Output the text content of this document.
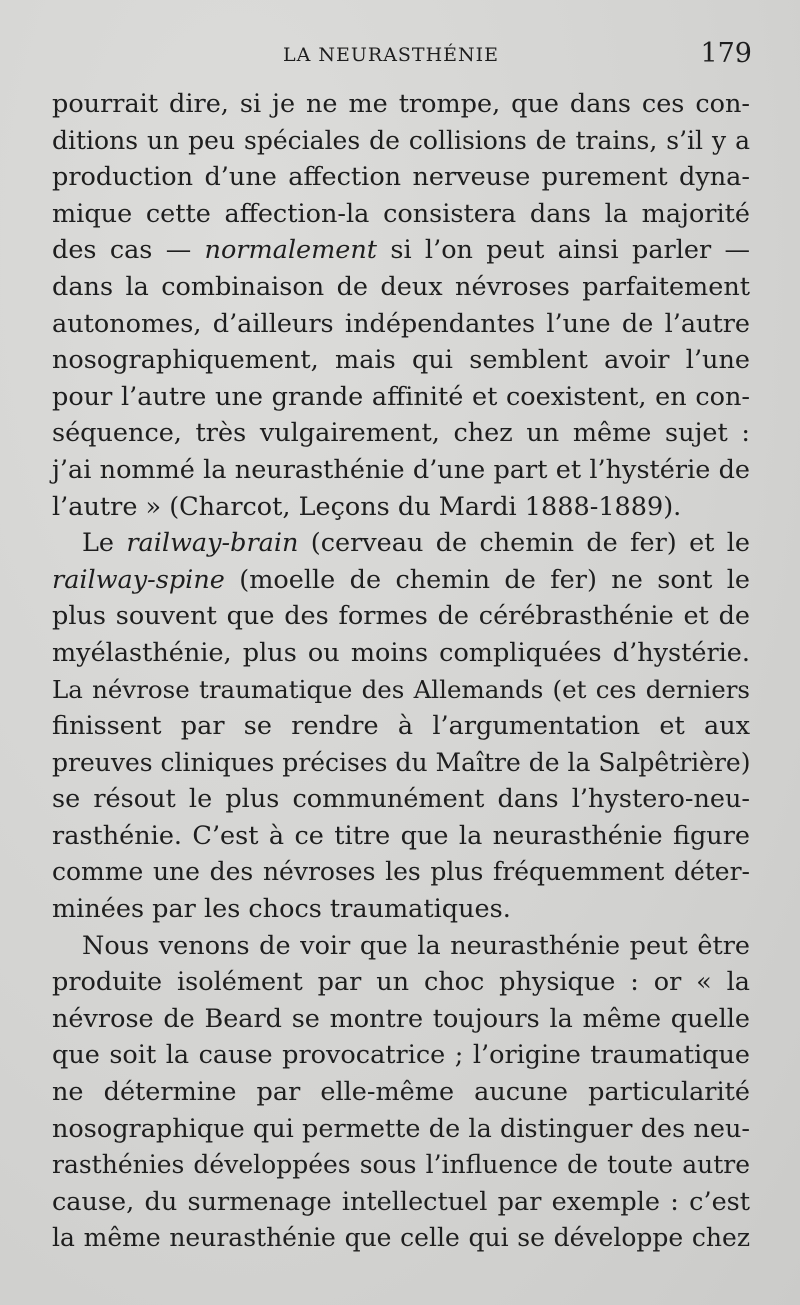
LA NEURASTHÉNIE	179
pourrait dire, si je ne me trompe, que dans ces con-
ditions un peu spéciales de collisions de trains, s’il y a
production d’une affection nerveuse purement dyna-
mique cette affection-la consistera dans la majorité
des cas — normalement si l’on peut ainsi parler —
dans la combinaison de deux névroses parfaitement
autonomes, d’ailleurs indépendantes l’une de l’autre
nosographiquement, mais qui semblent avoir l’une
pour l’autre une grande affinité et coexistent, en con-
séquence, très vulgairement, chez un même sujet :
j’ai nommé la neurasthénie d’une part et l’hystérie de
l’autre » (Charcot, Leçons du Mardi 1888-1889).
Le railway-brain (cerveau de chemin de fer) et le
railway-spine (moelle de chemin de fer) ne sont le
plus souvent que des formes de cérébrasthénie et de
myélasthénie, plus ou moins compliquées d’hystérie.
La névrose traumatique des Allemands (et ces derniers
finissent par se rendre à l’argumentation et aux
preuves cliniques précises du Maître de la Salpêtrière)
se résout le plus communément dans l’hystero-neu-
rasthénie. C’est à ce titre que la neurasthénie figure
comme une des névroses les plus fréquemment déter-
minées par les chocs traumatiques.
Nous venons de voir que la neurasthénie peut être
produite isolément par un choc physique : or « la
névrose de Beard se montre toujours la même quelle
que soit la cause provocatrice ; l’origine traumatique
ne détermine par elle-même aucune particularité
nosographique qui permette de la distinguer des neu-
rasthénies développées sous l’influence de toute autre
cause, du surmenage intellectuel par exemple : c’est
la même neurasthénie que celle qui se développe chez
